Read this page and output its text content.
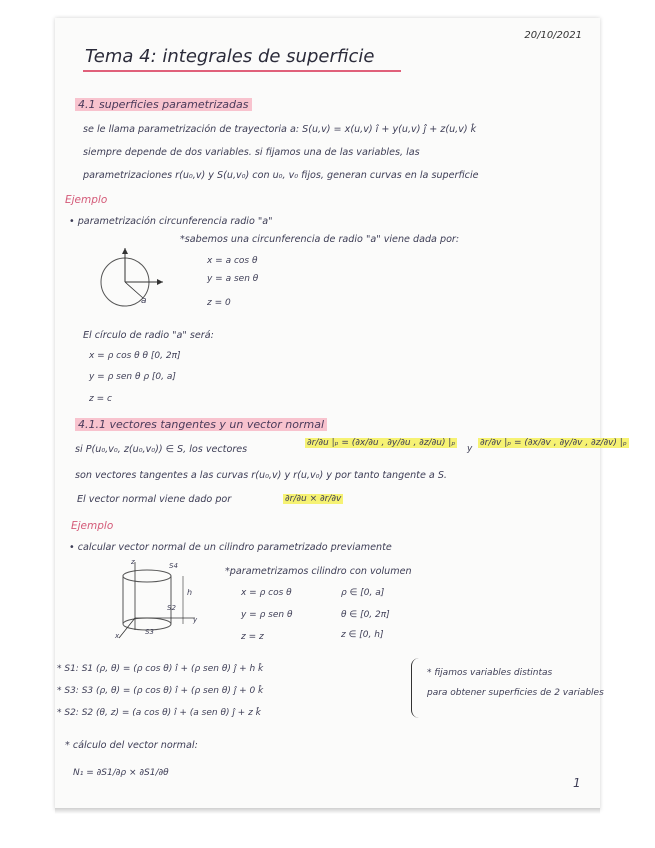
20/10/2021
Tema 4: integrales de superficie
4.1 superficies parametrizadas
se le llama parametrización de trayectoria a: S(u,v) = x(u,v) î + y(u,v) ĵ + z(u,v) k̂
siempre depende de dos variables. si fijamos una de las variables, las
parametrizaciones r(u₀,v) y S(u,v₀) con u₀, v₀ fijos, generan curvas en la superficie
Ejemplo
• parametrización circunferencia radio "a"
*sabemos una circunferencia de radio "a" viene dada por:
a
x = a cos θ
y = a sen θ
z = 0
El círculo de radio "a" será:
x = ρ cos θ θ [0, 2π]
y = ρ sen θ ρ [0, a]
z = c
4.1.1 vectores tangentes y un vector normal
si P(u₀,v₀, z(u₀,v₀)) ∈ S, los vectores
∂r/∂u |ₚ = (∂x/∂u , ∂y/∂u , ∂z/∂u) |ₚ
y
∂r/∂v |ₚ = (∂x/∂v , ∂y/∂v , ∂z/∂v) |ₚ
son vectores tangentes a las curvas r(u₀,v) y r(u,v₀) y por tanto tangente a S.
El vector normal viene dado por	∂r/∂u × ∂r/∂v
Ejemplo
• calcular vector normal de un cilindro parametrizado previamente
S4
h
S2
S3
x
y
z
*parametrizamos cilindro con volumen
x = ρ cos θ
y = ρ sen θ
z = z
ρ ∈ [0, a]
θ ∈ [0, 2π]
z ∈ [0, h]
* S1: S1 (ρ, θ) = (ρ cos θ) î + (ρ sen θ) ĵ + h k̂
* S3: S3 (ρ, θ) = (ρ cos θ) î + (ρ sen θ) ĵ + 0 k̂
* S2: S2 (θ, z) = (a cos θ) î + (a sen θ) ĵ + z k̂
* fijamos variables distintas
para obtener superficies de 2 variables
* cálculo del vector normal:
N₁ = ∂S1/∂ρ × ∂S1/∂θ
1
